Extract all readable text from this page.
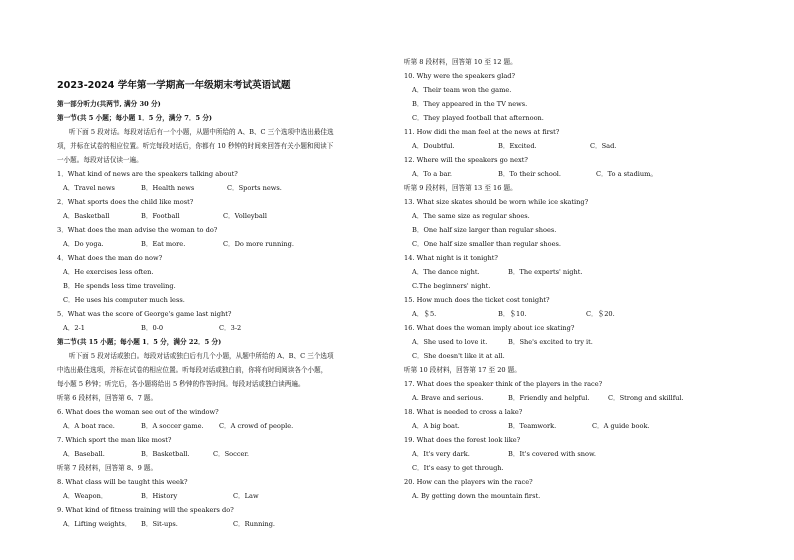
2023-2024 学年第一学期高一年级期末考试英语试题
第一部分听力(共两节, 满分 30 分)
第一节(共 5 小题；每小题 1．5 分，满分 7．5 分)
听下面 5 段对话。每段对话后有一个小题，从题中所给的 A、B、C 三个选项中选出最佳选
项，并标在试卷的相应位置。听完每段对话后，你都有 10 秒钟的时间来回答有关小题和阅读下
一小题。每段对话仅读一遍。
1．What kind of news are the speakers talking about?
A．Travel news	B．Health news	C．Sports news.
2．What sports does the child like most?
A．Basketball	B．Football	C．Volleyball
3．What does the man advise the woman to do?
A．Do yoga.	B．Eat more.	C．Do more running.
4．What does the man do now?
A．He exercises less often.
B．He spends less time traveling.
C．He uses his computer much less.
5．What was the score of George's game last night?
A．2-1	B．0-0	C．3-2
第二节(共 15 小题；每小题 1．5 分，满分 22．5 分)
听下面 5 段对话或独白。每段对话或独白后有几个小题，从题中所给的 A、B、C 三个选项
中选出最佳选项，并标在试卷的相应位置。听每段对话或独白前，你将有时间阅读各个小题，
每小题 5 秒钟；听完后，各小题将给出 5 秒钟的作答时间。每段对话或独白读两遍。
听第 6 段材料，回答第 6、7 题。
6. What does the woman see out of the window?
A．A boat race.	B．A soccer game. C．A crowd of people.
7. Which sport the man like most?
A．Baseball.	B．Basketball.	C．Soccer.
听第 7 段材料，回答第 8、9 题。
8. What class will be taught this week?
A．Weapon．	B．History	C．Law
9. What kind of fitness training will the speakers do?
A．Lifting weights． B．Sit-ups.	C．Running.
听第 8 段材料，回答第 10 至 12 题。
10. Why were the speakers glad?
A．Their team won the game.
B．They appeared in the TV news.
C．They played football that afternoon.
11. How didi the man feel at the news at first?
A．Doubtful.	B．Excited.	C．Sad.
12. Where will the speakers go next?
A．To a bar.	B．To their school.	C．To a stadium。
听第 9 段材料，回答第 13 至 16 题。
13. What size skates should be worn while ice skating?
A．The same size as regular shoes.
B．One half size larger than regular shoes.
C．One half size smaller than regular shoes.
14. What night is it tonight?
A．The dance night.	B．The experts' night.
C.The beginners' night.
15. How much does the ticket cost tonight?
A．＄5.	B．＄10.	C．＄20.
16. What does the woman imply about ice skating?
A．She used to love it.	B．She's excited to try it.
C．She doesn't like it at all.
听第 10 段材料，回答第 17 至 20 题。
17. What does the speaker think of the players in the race?
A. Brave and serious.	B．Friendly and helpful.	C．Strong and skillful.
18. What is needed to cross a lake?
A．A big boat.	B．Teamwork.	C．A guide book.
19. What does the forest look like?
A．It's very dark.	B．It's covered with snow.
C．It's easy to get through.
20. How can the players win the race?
A. By getting down the mountain first.
